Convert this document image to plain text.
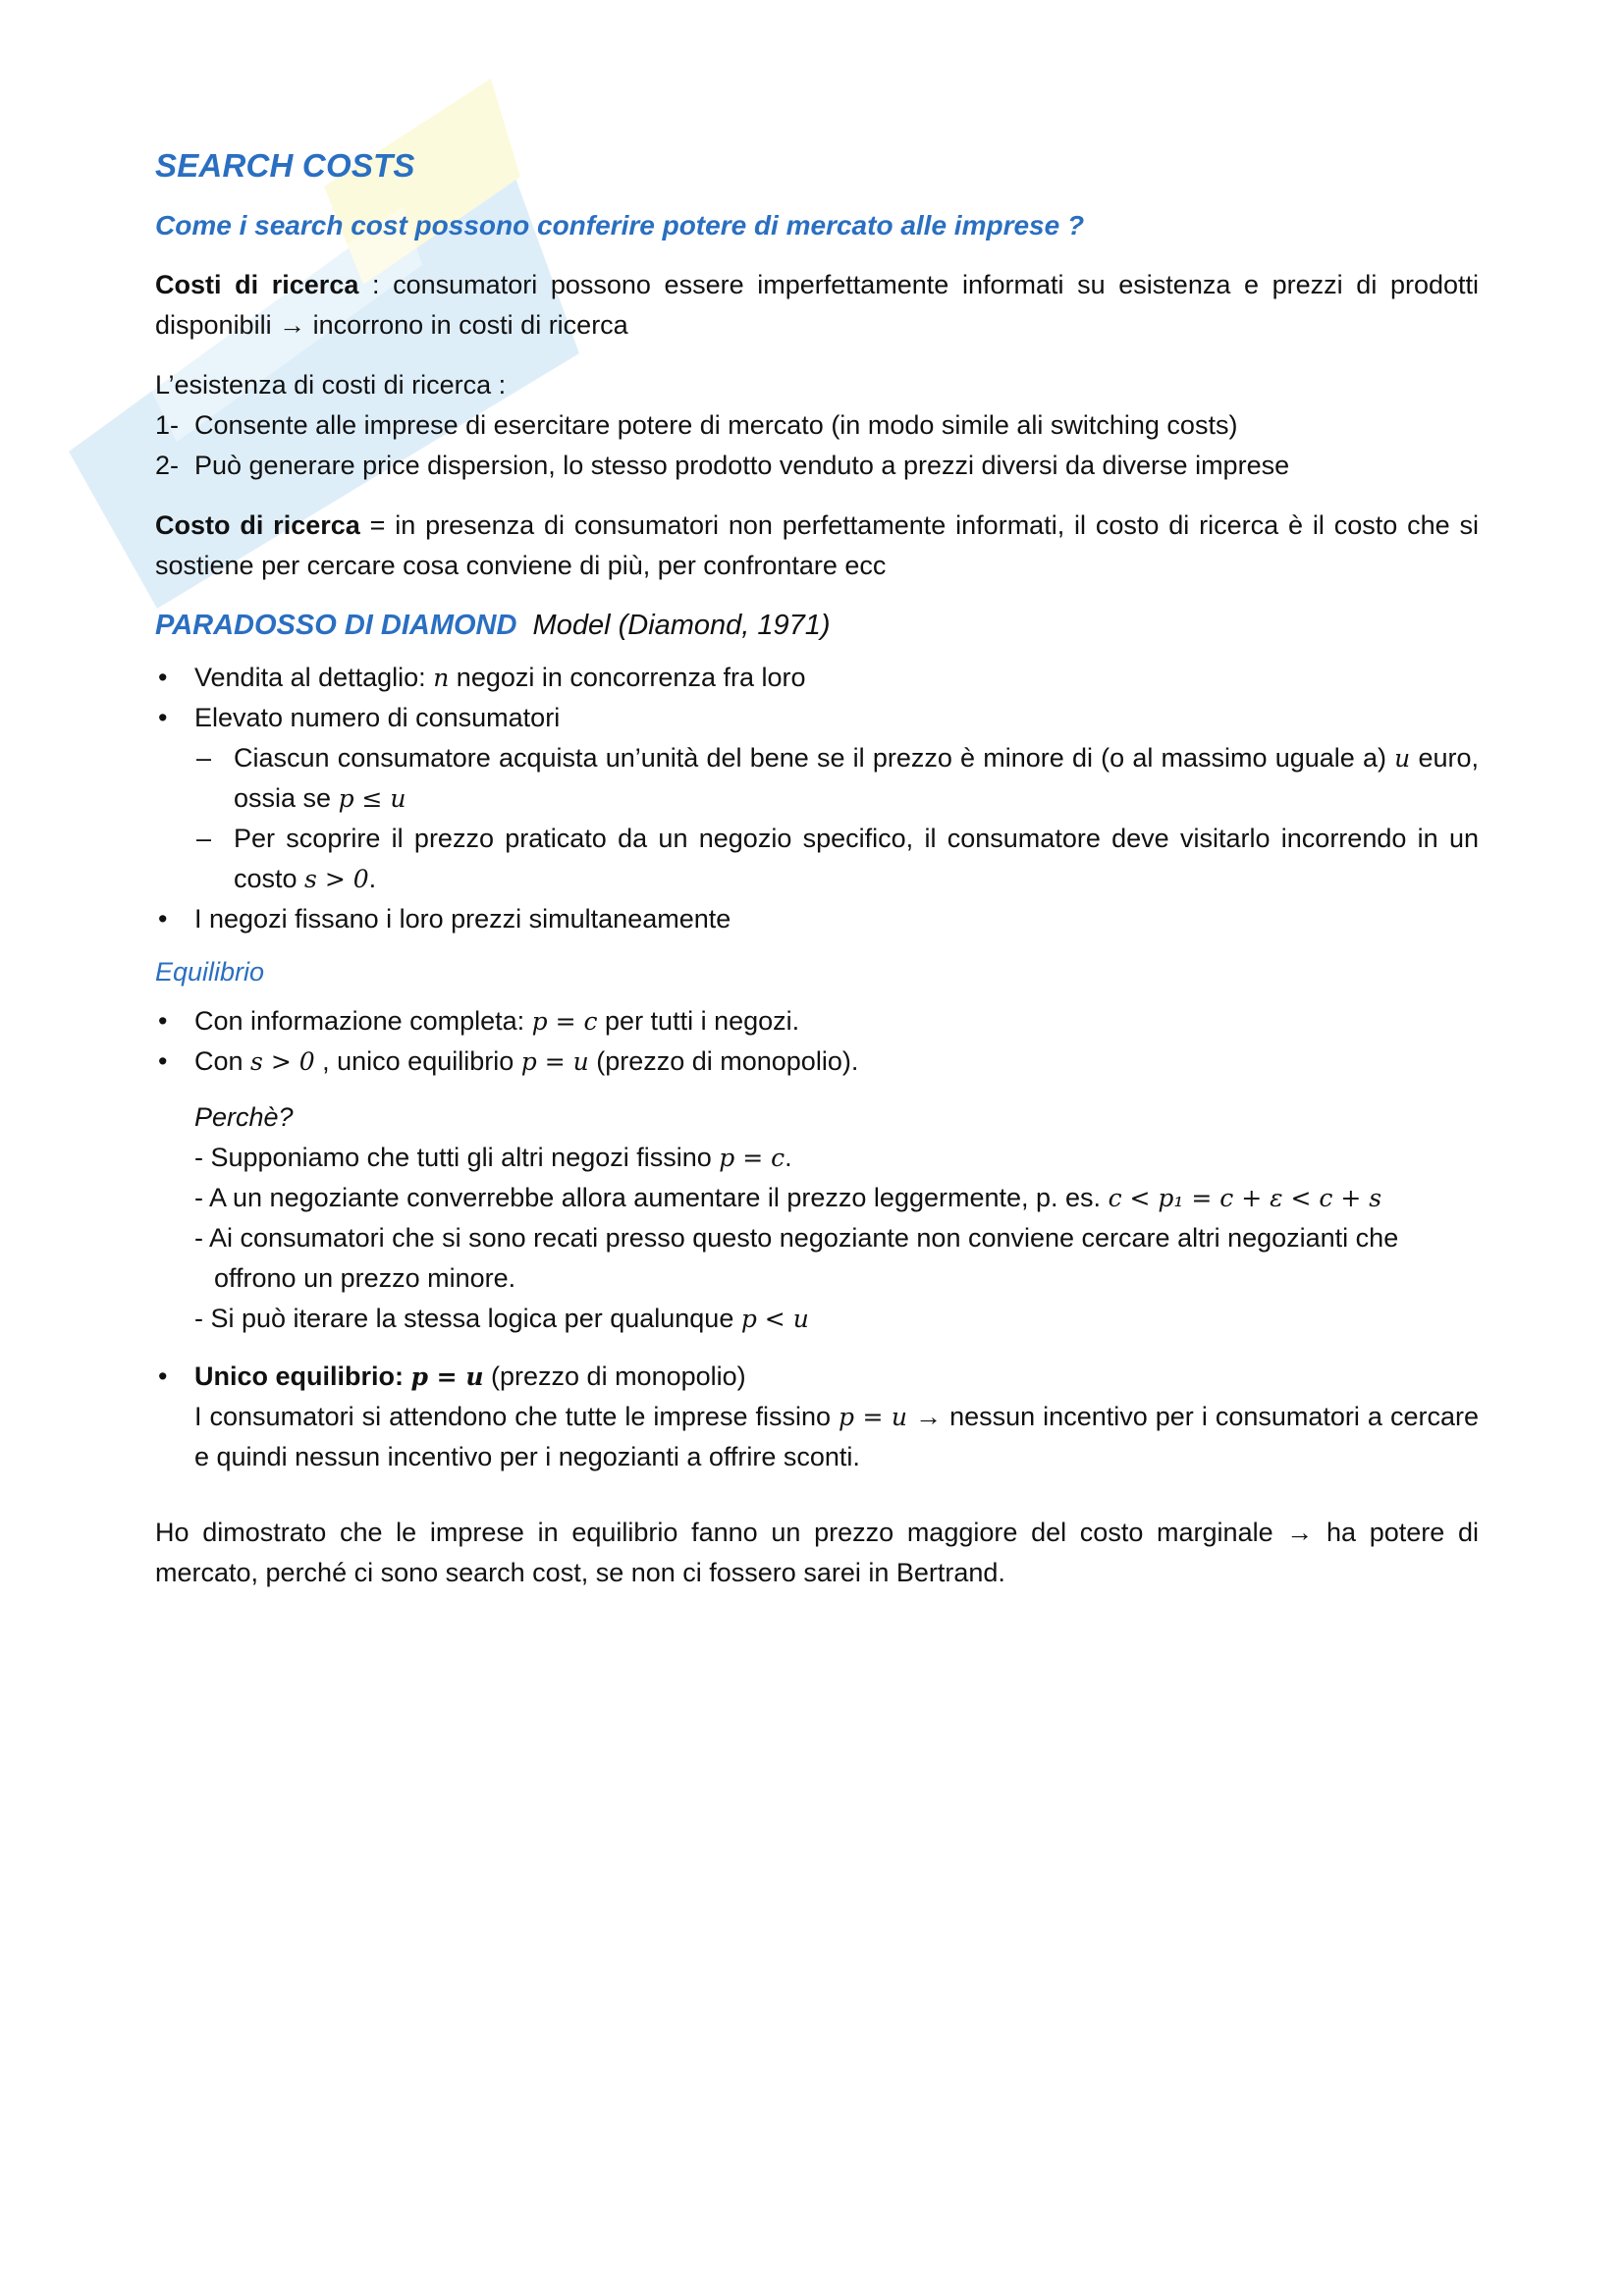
SEARCH COSTS
Come i search cost possono conferire potere di mercato alle imprese ?

Costi di ricerca : consumatori possono essere imperfettamente informati su esistenza e prezzi di prodotti disponibili → incorrono in costi di ricerca

L’esistenza di costi di ricerca :

1- Consente alle imprese di esercitare potere di mercato (in modo simile ali switching costs)
2- Può generare price dispersion, lo stesso prodotto venduto a prezzi diversi da diverse imprese

Costo di ricerca = in presenza di consumatori non perfettamente informati, il costo di ricerca è il costo che si sostiene per cercare cosa conviene di più, per confrontare ecc

PARADOSSO DI DIAMOND Model (Diamond, 1971)
• Vendita al dettaglio: n negozi in concorrenza fra loro
• Elevato numero di consumatori
– Ciascun consumatore acquista un’unità del bene se il prezzo è minore di (o al massimo uguale a) u euro, ossia se p ≤ u
– Per scoprire il prezzo praticato da un negozio specifico, il consumatore deve visitarlo incorrendo in un costo s > 0.
• I negozi fissano i loro prezzi simultaneamente
Equilibrio
• Con informazione completa: p = c per tutti i negozi.
• Con s > 0 , unico equilibrio p = u (prezzo di monopolio).
Perchè?
- Supponiamo che tutti gli altri negozi fissino p = c.
- A un negoziante converrebbe allora aumentare il prezzo leggermente, p. es. c < p₁ = c + ε < c + s
- Ai consumatori che si sono recati presso questo negoziante non conviene cercare altri negozianti che
offrono un prezzo minore.
- Si può iterare la stessa logica per qualunque p < u
• Unico equilibrio: p = u (prezzo di monopolio)
I consumatori si attendono che tutte le imprese fissino p = u → nessun incentivo per i consumatori a cercare e quindi nessun incentivo per i negozianti a offrire sconti.

Ho dimostrato che le imprese in equilibrio fanno un prezzo maggiore del costo marginale → ha potere di mercato, perché ci sono search cost, se non ci fossero sarei in Bertrand.
